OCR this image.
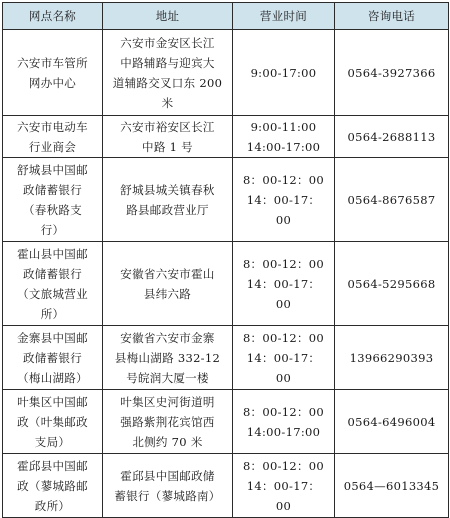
网点名称	地址	营业时间	咨询电话

六安市车管所
网办中心	六安市金安区长江
中路辅路与迎宾大
道辅路交叉口东 200
米	9:00-17:00	0564-3927366

六安市电动车
行业商会	六安市裕安区长江
中路 1 号	9:00-11:00
14:00-17:00	0564-2688113

舒城县中国邮
政储蓄银行
（春秋路支
行）	舒城县城关镇春秋
路县邮政营业厅	8：00-12：00
14：00-17：
00	0564-8676587

霍山县中国邮
政储蓄银行
（文旅城营业
所）	安徽省六安市霍山
县纬六路	8：00-12：00
14：00-17：
00	0564-5295668

金寨县中国邮
政储蓄银行
（梅山湖路）	安徽省六安市金寨
县梅山湖路 332-12
号皖润大厦一楼	8：00-12：00
14：00-17：
00	13966290393

叶集区中国邮
政（叶集邮政
支局）	叶集区史河街道明
强路紫荆花宾馆西
北侧约 70 米	8：00-12：00
14:00-17:00	0564-6496004

霍邱县中国邮
政（蓼城路邮
政所）	霍邱县中国邮政储
蓄银行（蓼城路南）	8：00-12：00
14：00-17：
00	0564—6013345
